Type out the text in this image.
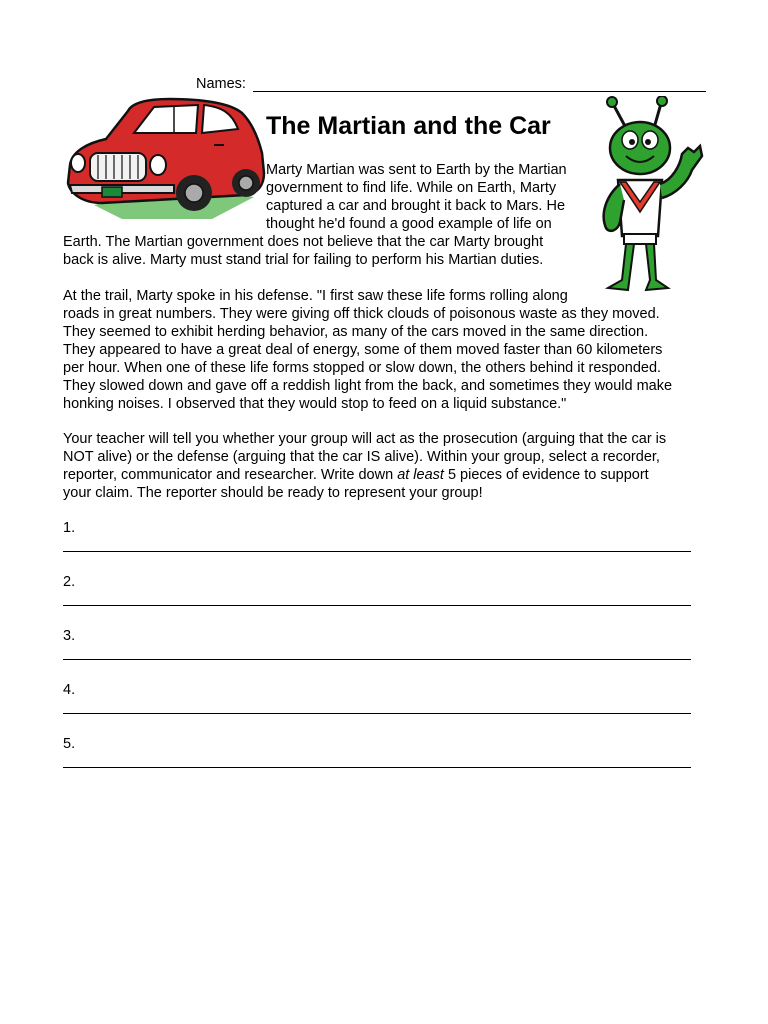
Names:
The Martian and the Car
Marty Martian was sent to Earth by the Martian
government to find life. While on Earth, Marty
captured a car and brought it back to Mars. He
thought he'd found a good example of life on
Earth. The Martian government does not believe that the car Marty brought
back is alive. Marty must stand trial for failing to perform his Martian duties.
At the trail, Marty spoke in his defense. "I first saw these life forms rolling along
roads in great numbers. They were giving off thick clouds of poisonous waste as they moved.
They seemed to exhibit herding behavior, as many of the cars moved in the same direction.
They appeared to have a great deal of energy, some of them moved faster than 60 kilometers
per hour. When one of these life forms stopped or slow down, the others behind it responded.
They slowed down and gave off a reddish light from the back, and sometimes they would make
honking noises. I observed that they would stop to feed on a liquid substance."
Your teacher will tell you whether your group will act as the prosecution (arguing that the car is
NOT alive) or the defense (arguing that the car IS alive). Within your group, select a recorder,
reporter, communicator and researcher. Write down at least 5 pieces of evidence to support
your claim. The reporter should be ready to represent your group!
1.
2.
3.
4.
5.
